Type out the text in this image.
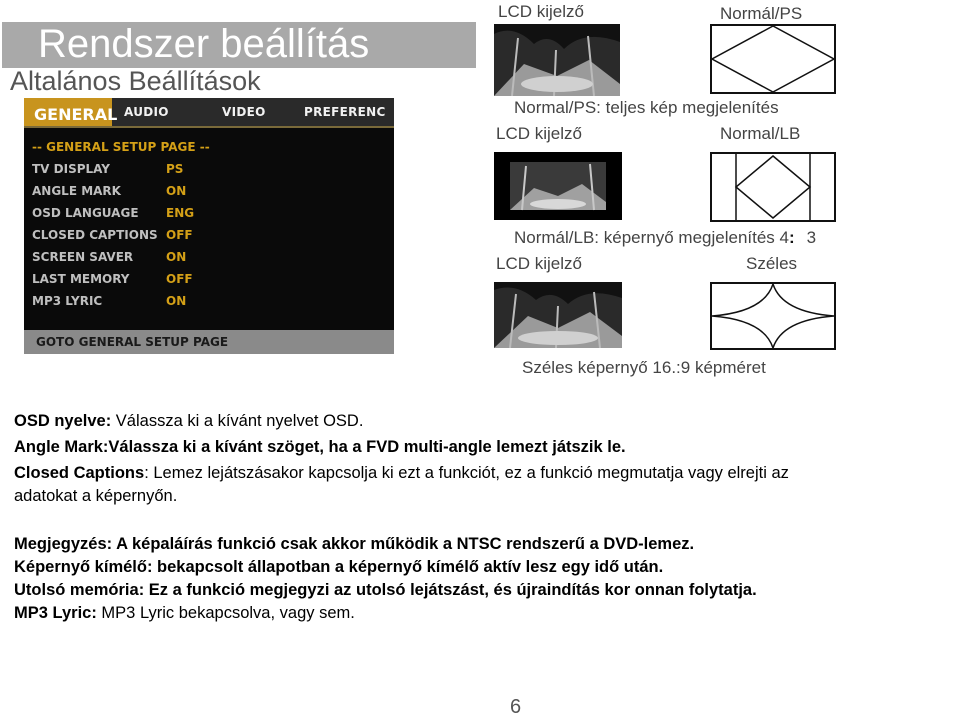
Rendszer beállítás
Altalános Beállítások
GENERAL AUDIO	VIDEO	PREFERENC
-- GENERAL SETUP PAGE --
TV DISPLAY	PS
ANGLE MARK	ON
OSD LANGUAGE ENG
CLOSED CAPTIONS OFF
SCREEN SAVER	ON
LAST MEMORY	OFF
MP3 LYRIC	ON
GOTO GENERAL SETUP PAGE
LCD kijelző	Normál/PS
Normal/PS: teljes kép megjelenítés
LCD kijelző	Normal/LB
Normál/LB: képernyő megjelenítés 4: 3
LCD kijelző	Széles
Széles képernyő 16.:9 képméret
OSD nyelve: Válassza ki a kívánt nyelvet OSD.
Angle Mark:Válassza ki a kívánt szöget, ha a FVD multi-angle lemezt játszik le.
Closed Captions: Lemez lejátszásakor kapcsolja ki ezt a funkciót, ez a funkció megmutatja vagy elrejti az
adatokat a képernyőn.
Megjegyzés: A képaláírás funkció csak akkor működik a NTSC rendszerű a DVD-lemez.
Képernyő kímélő: bekapcsolt állapotban a képernyő kímélő aktív lesz egy idő után.
Utolsó memória: Ez a funkció megjegyzi az utolsó lejátszást, és újraindítás kor onnan folytatja.
MP3 Lyric: MP3 Lyric bekapcsolva, vagy sem.
6
